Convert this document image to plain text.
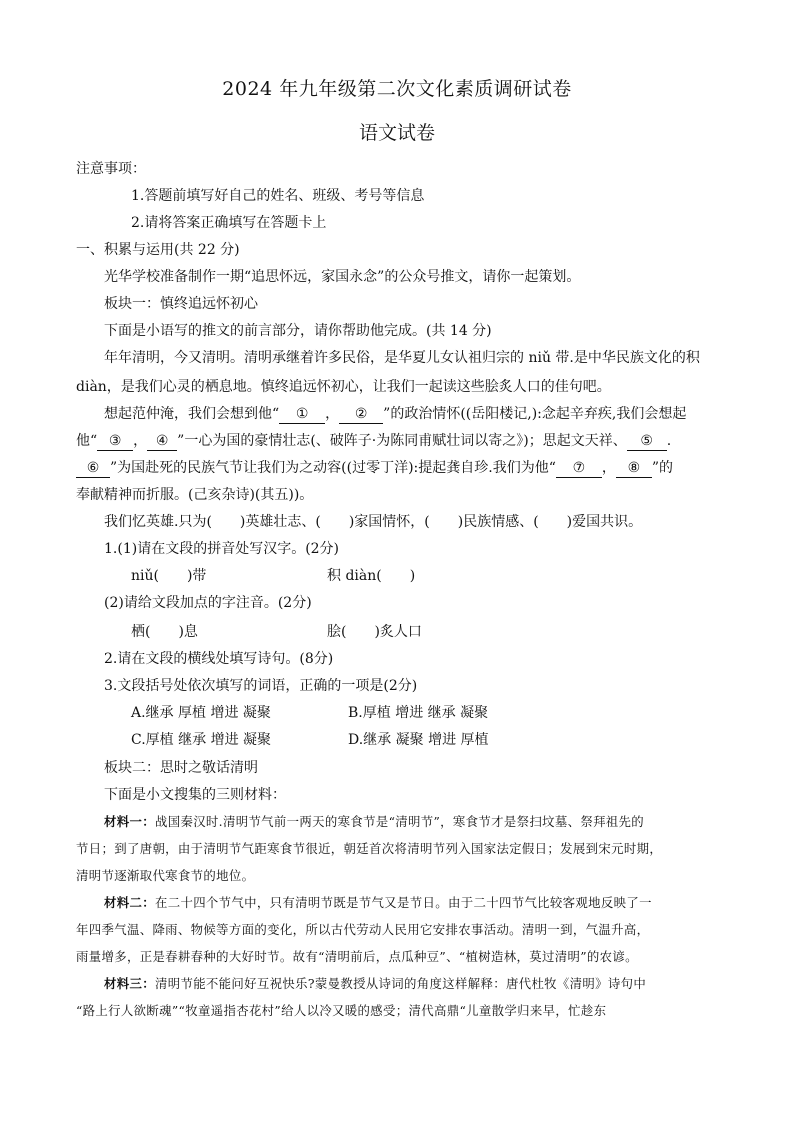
2024 年九年级第二次文化素质调研试卷
语文试卷
注意事项：
1.答题前填写好自己的姓名、班级、考号等信息
2.请将答案正确填写在答题卡上
一、积累与运用(共 22 分)
光华学校准备制作一期“追思怀远，家国永念”的公众号推文，请你一起策划。
板块一：慎终追远怀初心
下面是小语写的推文的前言部分，请你帮助他完成。(共 14 分)
年年清明，今又清明。清明承继着许多民俗，是华夏儿女认祖归宗的 niǔ 带.是中华民族文化的积
diàn，是我们心灵的栖息地。慎终追远怀初心，让我们一起读这些脍炙人口的佳句吧。
想起范仲淹，我们会想到他“ ① ， ② ”的政治情怀((岳阳楼记,):念起辛弃疾,我们会想起
他“ ③ ， ④ ”一心为国的豪情壮志(、破阵子·为陈同甫赋壮词以寄之》)；思起文天祥、 ⑤ .
⑥ ”为国赴死的民族气节让我们为之动容((过零丁洋):提起龚自珍.我们为他“ ⑦ ， ⑧ ”的
奉献精神而折服。(己亥杂诗)(其五))。
我们忆英雄.只为(　　)英雄壮志、(　　)家国情怀，(　　)民族情感、(　　)爱国共识。
1.(1)请在文段的拼音处写汉字。(2分)
niǔ(　　)带	积 diàn(　　)
(2)请给文段加点的字注音。(2分)
栖(　　)息	脍(　　)炙人口
2.请在文段的横线处填写诗句。(8分)
3.文段括号处依次填写的词语，正确的一项是(2分)
A.继承 厚植 增进 凝聚	B.厚植 增进 继承 凝聚
C.厚植 继承 增进 凝聚	D.继承 凝聚 增进 厚植
板块二：思时之敬话清明
下面是小文搜集的三则材料：
材料一：战国秦汉时.清明节气前一两天的寒食节是“清明节”，寒食节才是祭扫坟墓、祭拜祖先的
节日；到了唐朝，由于清明节气距寒食节很近，朝廷首次将清明节列入国家法定假日；发展到宋元时期，
清明节逐渐取代寒食节的地位。
材料二：在二十四个节气中，只有清明节既是节气又是节日。由于二十四节气比较客观地反映了一
年四季气温、降雨、物候等方面的变化，所以古代劳动人民用它安排农事活动。清明一到，气温升高，
雨量增多，正是春耕春种的大好时节。故有“清明前后，点瓜种豆”、“植树造林，莫过清明”的农谚。
材料三：清明节能不能问好互祝快乐?蒙曼教授从诗词的角度这样解释：唐代杜牧《清明》诗句中
“路上行人欲断魂”“牧童遥指杏花村”给人以冷又暖的感受；清代高鼎“儿童散学归来早，忙趁东
